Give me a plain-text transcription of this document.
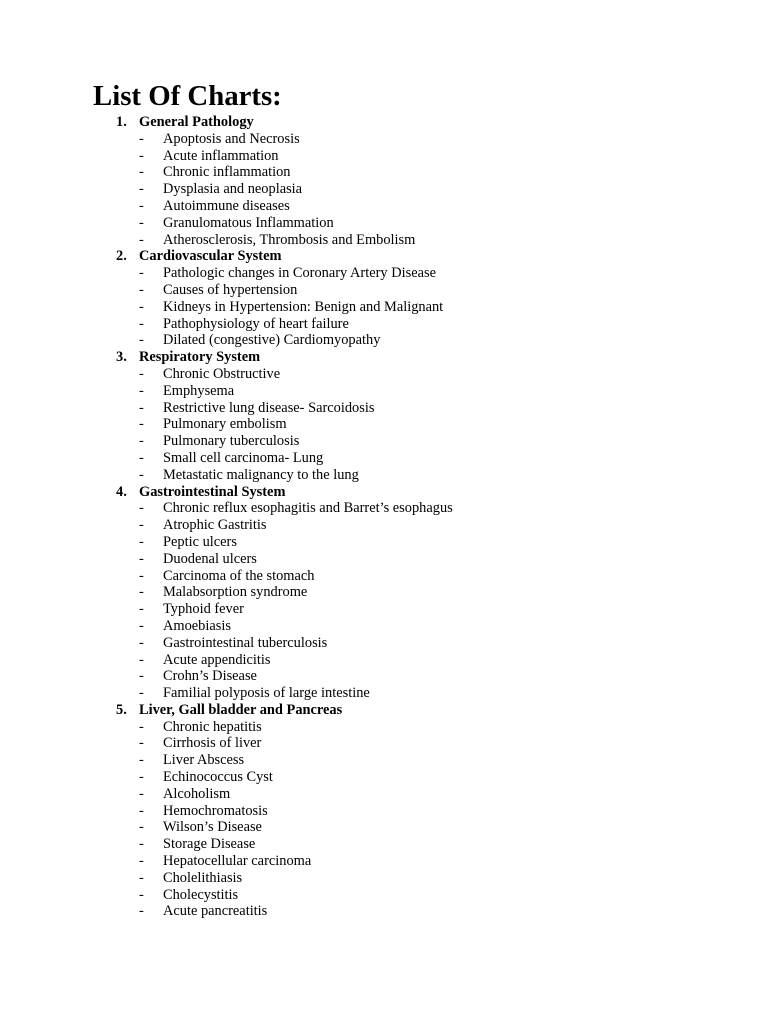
List Of Charts:
1. General Pathology
- Apoptosis and Necrosis
- Acute inflammation
- Chronic inflammation
- Dysplasia and neoplasia
- Autoimmune diseases
- Granulomatous Inflammation
- Atherosclerosis, Thrombosis and Embolism
2. Cardiovascular System
- Pathologic changes in Coronary Artery Disease
- Causes of hypertension
- Kidneys in Hypertension: Benign and Malignant
- Pathophysiology of heart failure
- Dilated (congestive) Cardiomyopathy
3. Respiratory System
- Chronic Obstructive
- Emphysema
- Restrictive lung disease- Sarcoidosis
- Pulmonary embolism
- Pulmonary tuberculosis
- Small cell carcinoma- Lung
- Metastatic malignancy to the lung
4. Gastrointestinal System
- Chronic reflux esophagitis and Barret’s esophagus
- Atrophic Gastritis
- Peptic ulcers
- Duodenal ulcers
- Carcinoma of the stomach
- Malabsorption syndrome
- Typhoid fever
- Amoebiasis
- Gastrointestinal tuberculosis
- Acute appendicitis
- Crohn’s Disease
- Familial polyposis of large intestine
5. Liver, Gall bladder and Pancreas
- Chronic hepatitis
- Cirrhosis of liver
- Liver Abscess
- Echinococcus Cyst
- Alcoholism
- Hemochromatosis
- Wilson’s Disease
- Storage Disease
- Hepatocellular carcinoma
- Cholelithiasis
- Cholecystitis
- Acute pancreatitis
